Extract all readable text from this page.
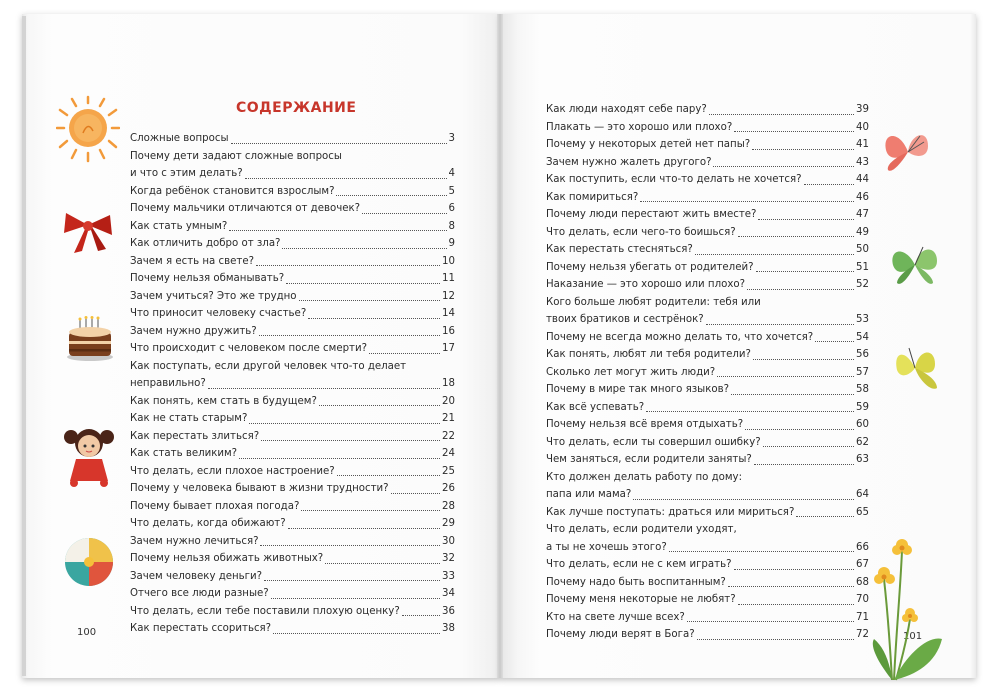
СОДЕРЖАНИЕ
Сложные вопросы	3
Почему дети задают сложные вопросы
и что с этим делать?	4
Когда ребёнок становится взрослым?	5
Почему мальчики отличаются от девочек?	6
Как стать умным?	8
Как отличить добро от зла?	9
Зачем я есть на свете?	10
Почему нельзя обманывать?	11
Зачем учиться? Это же трудно	12
Что приносит человеку счастье?	14
Зачем нужно дружить?	16
Что происходит с человеком после смерти?	17
Как поступать, если другой человек что-то делает
неправильно?	18
Как понять, кем стать в будущем?	20
Как не стать старым?	21
Как перестать злиться?	22
Как стать великим?	24
Что делать, если плохое настроение?	25
Почему у человека бывают в жизни трудности?	26
Почему бывает плохая погода?	28
Что делать, когда обижают?	29
Зачем нужно лечиться?	30
Почему нельзя обижать животных?	32
Зачем человеку деньги?	33
Отчего все люди разные?	34
Что делать, если тебе поставили плохую оценку?	36
Как перестать ссориться?	38
Как люди находят себе пару?	39
Плакать — это хорошо или плохо?	40
Почему у некоторых детей нет папы?	41
Зачем нужно жалеть другого?	43
Как поступить, если что-то делать не хочется?	44
Как помириться?	46
Почему люди перестают жить вместе?	47
Что делать, если чего-то боишься?	49
Как перестать стесняться?	50
Почему нельзя убегать от родителей?	51
Наказание — это хорошо или плохо?	52
Кого больше любят родители: тебя или
твоих братиков и сестрёнок?	53
Почему не всегда можно делать то, что хочется?	54
Как понять, любят ли тебя родители?	56
Сколько лет могут жить люди?	57
Почему в мире так много языков?	58
Как всё успевать?	59
Почему нельзя всё время отдыхать?	60
Что делать, если ты совершил ошибку?	62
Чем заняться, если родители заняты?	63
Кто должен делать работу по дому:
папа или мама?	64
Как лучше поступать: драться или мириться?	65
Что делать, если родители уходят,
а ты не хочешь этого?	66
Что делать, если не с кем играть?	67
Почему надо быть воспитанным?	68
Почему меня некоторые не любят?	70
Кто на свете лучше всех?	71
Почему люди верят в Бога?	72
100	101
